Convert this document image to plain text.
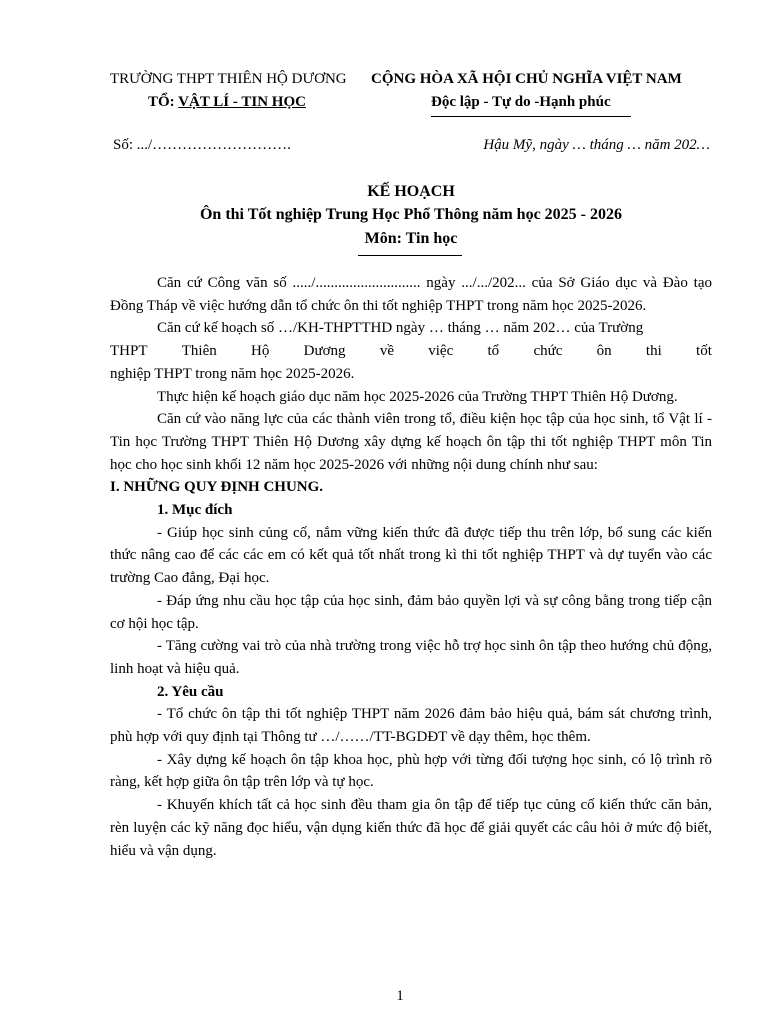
TRƯỜNG THPT THIÊN HỘ DƯƠNG
TỔ: VẬT LÍ - TIN HỌC
CỘNG HÒA XÃ HỘI CHỦ NGHĨA VIỆT NAM
Độc lập - Tự do -Hạnh phúc
Số: .../……………………….	Hậu Mỹ, ngày … tháng … năm 202…
KẾ HOẠCH
Ôn thi Tốt nghiệp Trung Học Phổ Thông năm học 2025 - 2026
Môn: Tin học

Căn cứ Công văn số ...../............................ ngày .../.../202... của Sở Giáo dục và Đào tạo Đồng Tháp về việc hướng dẫn tổ chức ôn thi tốt nghiệp THPT trong năm học 2025-2026.

Căn cứ kế hoạch số …/KH-THPTTHD ngày … tháng … năm 202… của Trường

THPT Thiên Hộ Dương về việc tổ chức ôn thi tốt

nghiệp THPT trong năm học 2025-2026.

Thực hiện kế hoạch giáo dục năm học 2025-2026 của Trường THPT Thiên Hộ Dương.

Căn cứ vào năng lực của các thành viên trong tổ, điều kiện học tập của học sinh, tổ Vật lí - Tin học Trường THPT Thiên Hộ Dương xây dựng kế hoạch ôn tập thi tốt nghiệp THPT môn Tin học cho học sinh khối 12 năm học 2025-2026 với những nội dung chính như sau:

I. NHỮNG QUY ĐỊNH CHUNG.

1. Mục đích

- Giúp học sinh củng cố, nắm vững kiến thức đã được tiếp thu trên lớp, bổ sung các kiến thức nâng cao để các các em có kết quả tốt nhất trong kì thi tốt nghiệp THPT và dự tuyển vào các trường Cao đẳng, Đại học.

- Đáp ứng nhu cầu học tập của học sinh, đảm bảo quyền lợi và sự công bằng trong tiếp cận cơ hội học tập.

- Tăng cường vai trò của nhà trường trong việc hỗ trợ học sinh ôn tập theo hướng chủ động, linh hoạt và hiệu quả.

2. Yêu cầu

- Tổ chức ôn tập thi tốt nghiệp THPT năm 2026 đảm bảo hiệu quả, bám sát chương trình, phù hợp với quy định tại Thông tư …/……/TT-BGDĐT về dạy thêm, học thêm.

- Xây dựng kế hoạch ôn tập khoa học, phù hợp với từng đối tượng học sinh, có lộ trình rõ ràng, kết hợp giữa ôn tập trên lớp và tự học.

- Khuyến khích tất cả học sinh đều tham gia ôn tập để tiếp tục củng cố kiến thức căn bản, rèn luyện các kỹ năng đọc hiểu, vận dụng kiến thức đã học để giải quyết các câu hỏi ở mức độ biết, hiểu và vận dụng.

1
